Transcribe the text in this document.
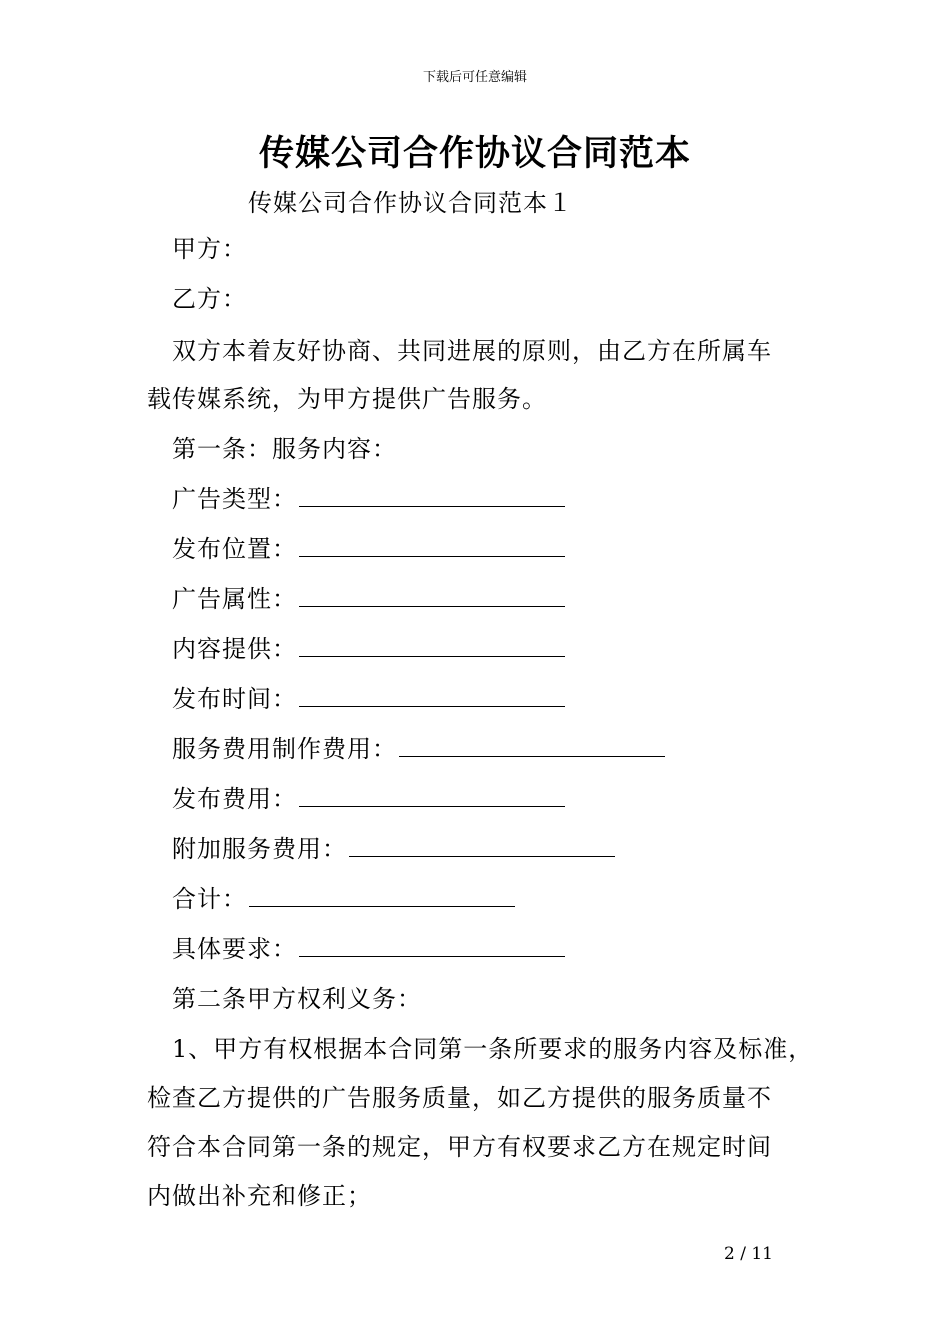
下载后可任意编辑
传媒公司合作协议合同范本
传媒公司合作协议合同范本１
甲方：
乙方：
双方本着友好协商、共同进展的原则，由乙方在所属车
载传媒系统，为甲方提供广告服务。
第一条：服务内容：
广告类型：
发布位置：
广告属性：
内容提供：
发布时间：
服务费用制作费用：
发布费用：
附加服务费用：
合计：
具体要求：
第二条甲方权利义务：
1、甲方有权根据本合同第一条所要求的服务内容及标准，
检查乙方提供的广告服务质量，如乙方提供的服务质量不
符合本合同第一条的规定，甲方有权要求乙方在规定时间
内做出补充和修正；
2 / 11
